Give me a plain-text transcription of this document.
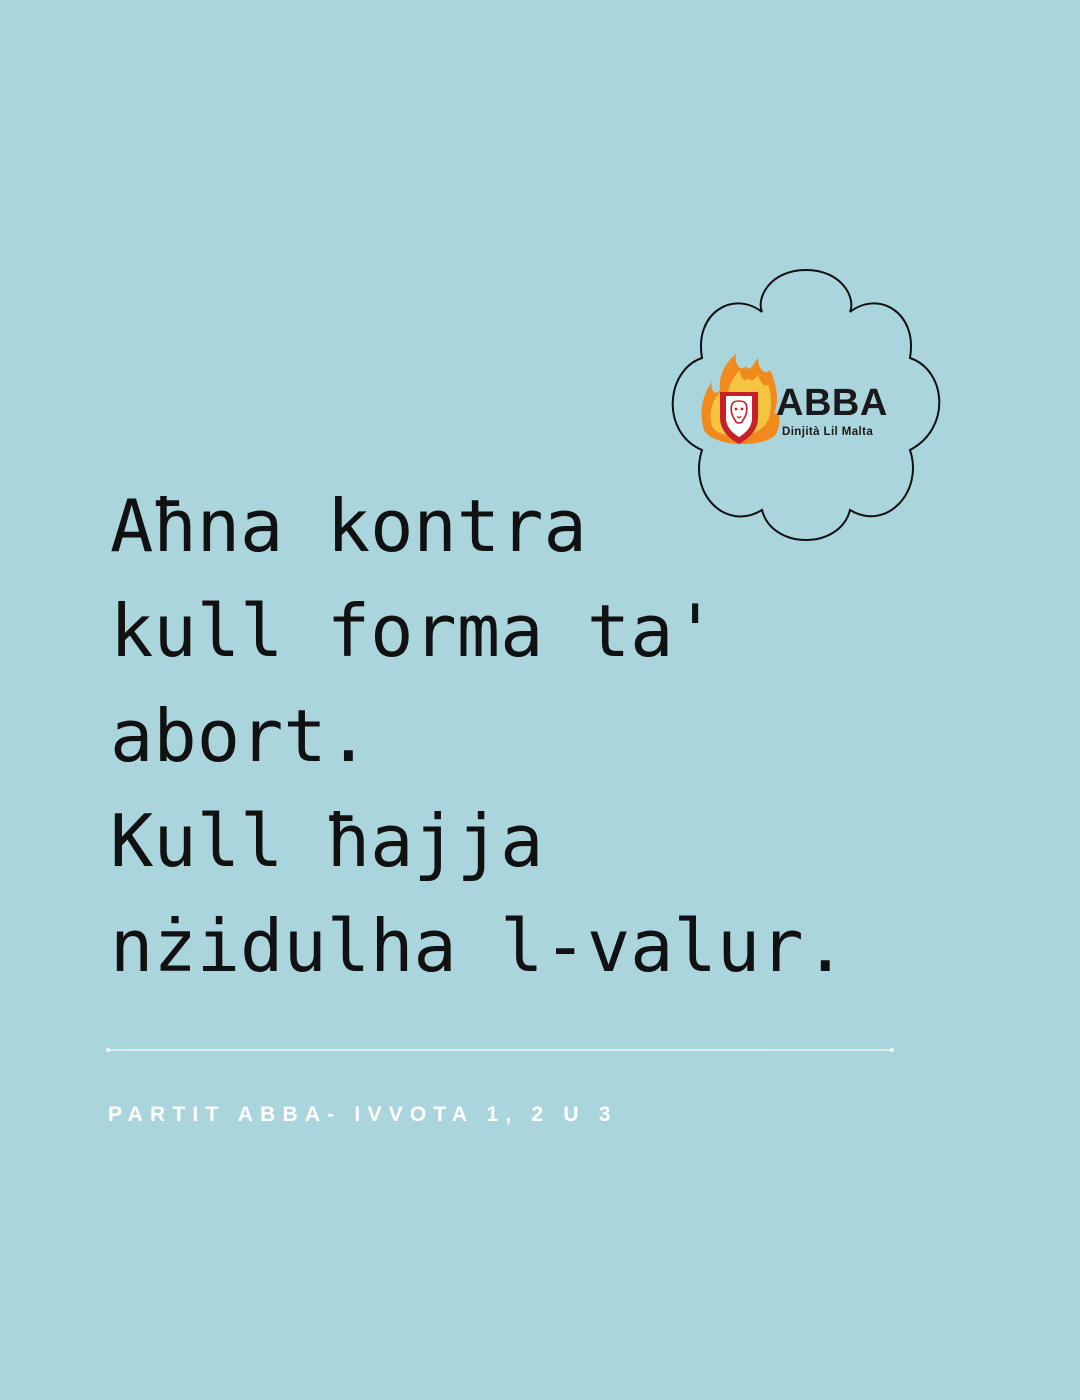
ABBA
Dinjità Lil Malta
Aħna kontra
kull forma ta'
abort.
Kull ħajja
nżidulha l-valur.
PARTIT ABBA- IVVOTA 1, 2 U 3
